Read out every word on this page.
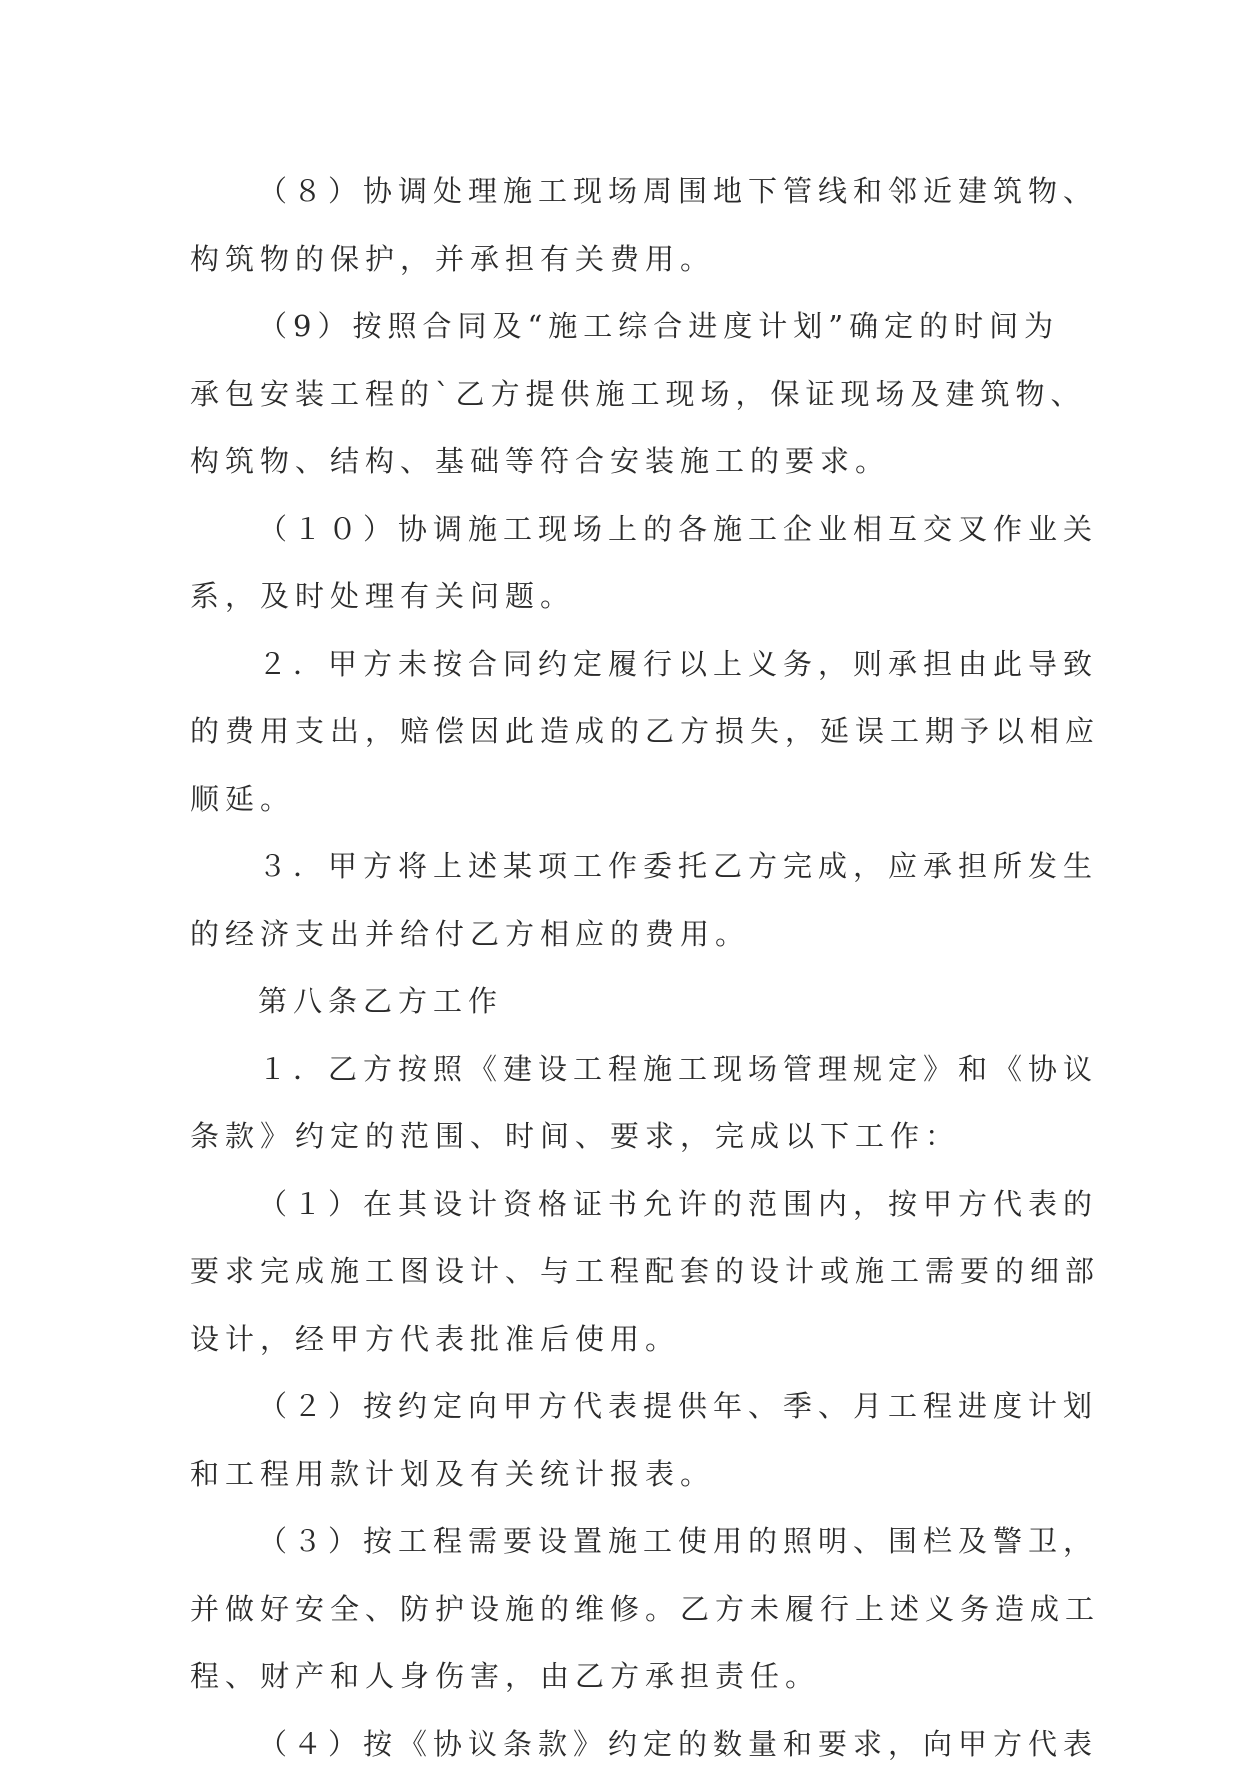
（８）协调处理施工现场周围地下管线和邻近建筑物、
构筑物的保护，并承担有关费用。
（9）按照合同及“施工综合进度计划”确定的时间为
承包安装工程的`乙方提供施工现场，保证现场及建筑物、
构筑物、结构、基础等符合安装施工的要求。
（１０）协调施工现场上的各施工企业相互交叉作业关
系，及时处理有关问题。
２．甲方未按合同约定履行以上义务，则承担由此导致
的费用支出，赔偿因此造成的乙方损失，延误工期予以相应
顺延。
３．甲方将上述某项工作委托乙方完成，应承担所发生
的经济支出并给付乙方相应的费用。
第八条乙方工作
１．乙方按照《建设工程施工现场管理规定》和《协议
条款》约定的范围、时间、要求，完成以下工作：
（１）在其设计资格证书允许的范围内，按甲方代表的
要求完成施工图设计、与工程配套的设计或施工需要的细部
设计，经甲方代表批准后使用。
（２）按约定向甲方代表提供年、季、月工程进度计划
和工程用款计划及有关统计报表。
（３）按工程需要设置施工使用的照明、围栏及警卫，
并做好安全、防护设施的维修。乙方未履行上述义务造成工
程、财产和人身伤害，由乙方承担责任。
（４）按《协议条款》约定的数量和要求，向甲方代表
